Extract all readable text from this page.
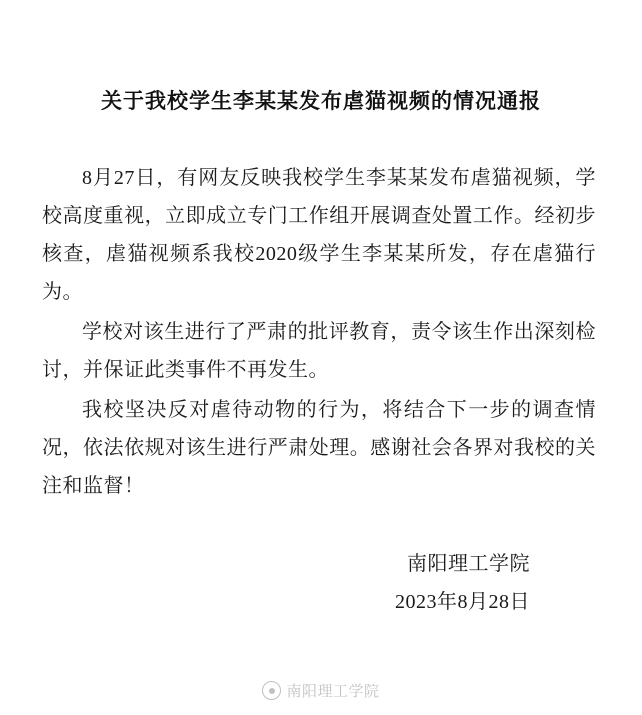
关于我校学生李某某发布虐猫视频的情况通报

8月27日，有网友反映我校学生李某某发布虐猫视频，学校高度重视，立即成立专门工作组开展调查处置工作。经初步核查，虐猫视频系我校2020级学生李某某所发，存在虐猫行为。

学校对该生进行了严肃的批评教育，责令该生作出深刻检讨，并保证此类事件不再发生。

我校坚决反对虐待动物的行为，将结合下一步的调查情况，依法依规对该生进行严肃处理。感谢社会各界对我校的关注和监督！

南阳理工学院
2023年8月28日
南阳理工学院
